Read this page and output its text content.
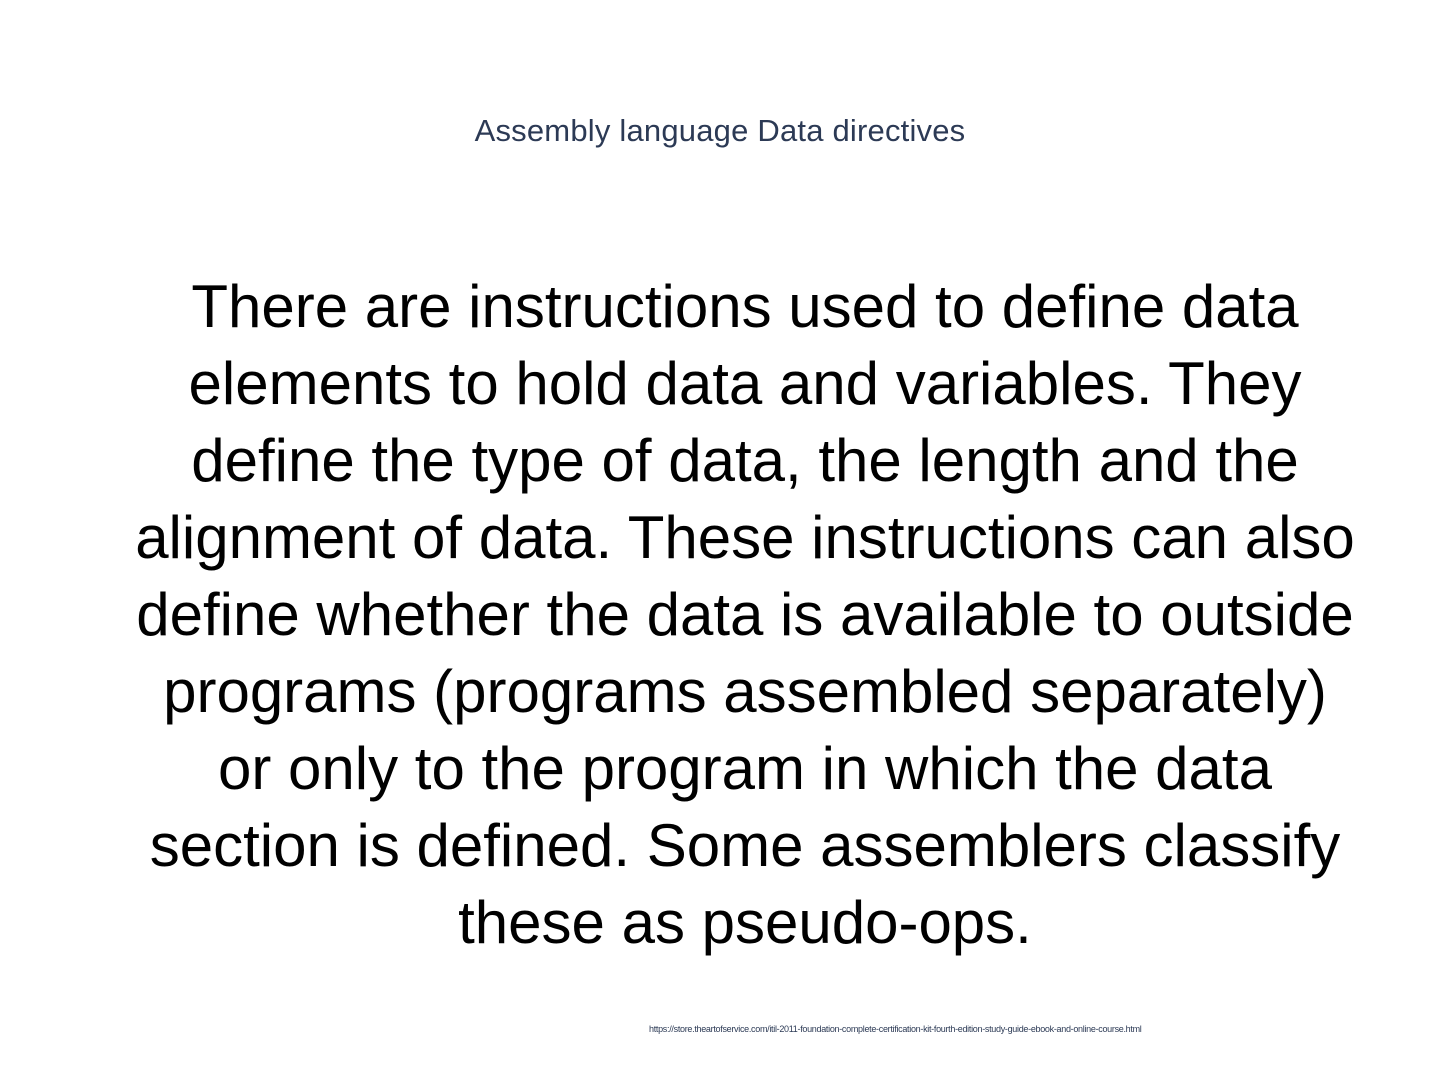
Assembly language Data directives
There are instructions used to define data elements to hold data and variables. They define the type of data, the length and the alignment of data. These instructions can also define whether the data is available to outside programs (programs assembled separately) or only to the program in which the data section is defined. Some assemblers classify these as pseudo-ops.
https://store.theartofservice.com/itil-2011-foundation-complete-certification-kit-fourth-edition-study-guide-ebook-and-online-course.html
